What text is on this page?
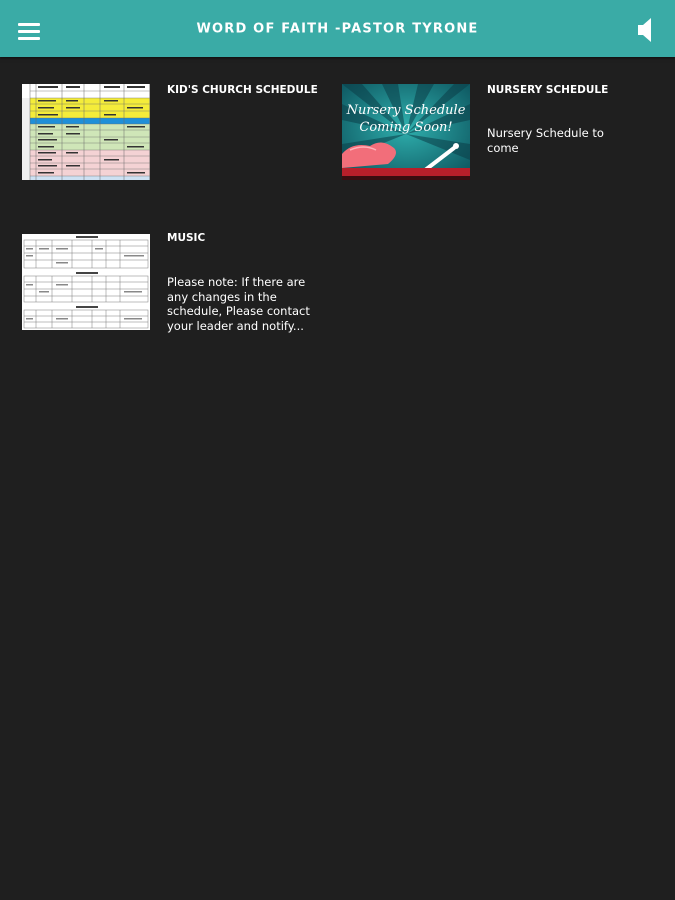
WORD OF FAITH -PASTOR TYRONE
KID'S CHURCH SCHEDULE
Nursery Schedule
Coming Soon!
NURSERY SCHEDULE
Nursery Schedule to come
MUSIC
Please note: If there are any changes in the schedule, Please contact your leader and notify...
